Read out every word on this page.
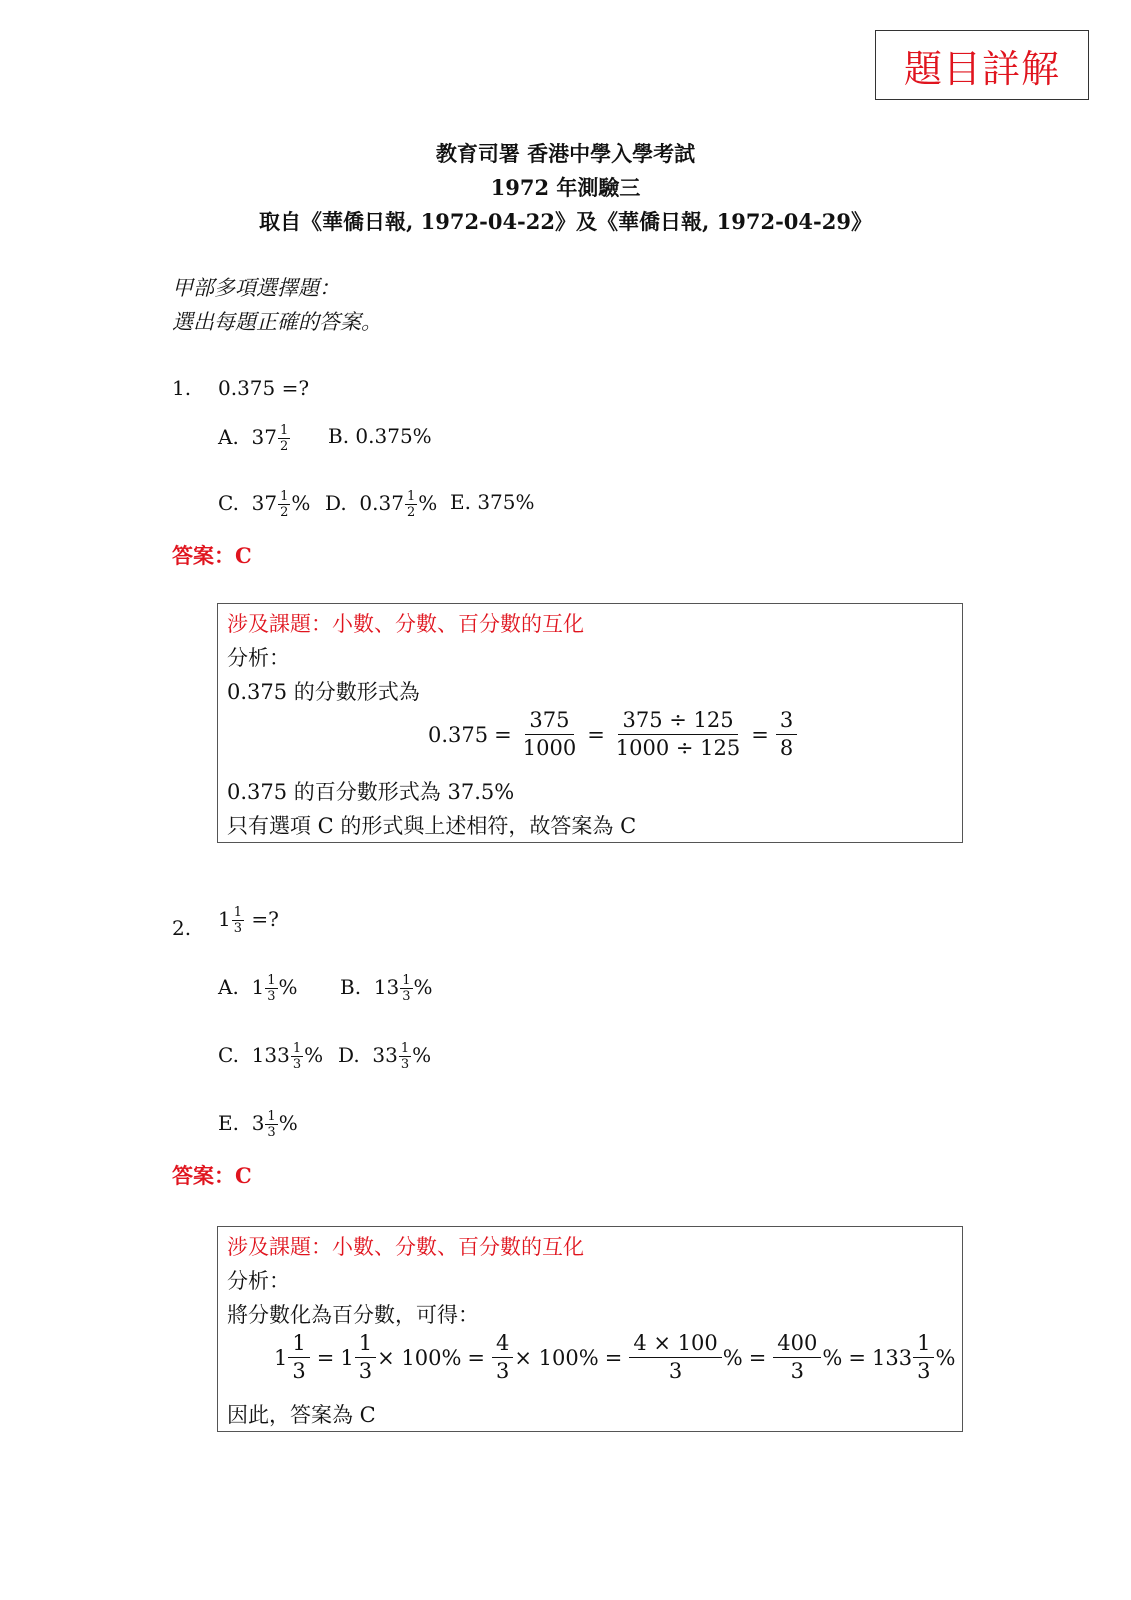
題目詳解
教育司署 香港中學入學考試
1972 年測驗三
取自《華僑日報, 1972-04-22》及《華僑日報, 1972-04-29》
甲部多項選擇題：
選出每題正確的答案。
1. 0.375 =?
A. $37 \frac{1}{2} B$. 0.375%
C. $37 \frac{1}{2}$ % D. $0.37 \frac{1}{2}$ % E. 375%
答案：C
涉及課題：小數、分數、百分數的互化
分析：
0.375 的分數形式為
$0.375 = \frac{375}{1000} = \frac{375 \div 125}{1000 \div 125} = \frac{3}{8}$
0.375 的百分數形式為 37.5%
只有選項 C 的形式與上述相符，故答案為 C
2. $1 \frac{1}{3}$ =?
A. $1 \frac{1}{3}$ % B. $13 \frac{1}{3}$ %
C. $133 \frac{1}{3}$ % D. $33 \frac{1}{3}$ %
E. $3 \frac{1}{3}$ %
答案：C
涉及課題：小數、分數、百分數的互化
分析：
將分數化為百分數，可得：
$1 \frac{1}{3} = 1 \frac{1}{3} \times 100\% = \frac{4}{3} \times 100\% = \frac{4 \times 100}{3}$ % = $\frac{400}{3}$ % = $133 \frac{1}{3}$ %
因此，答案為 C
